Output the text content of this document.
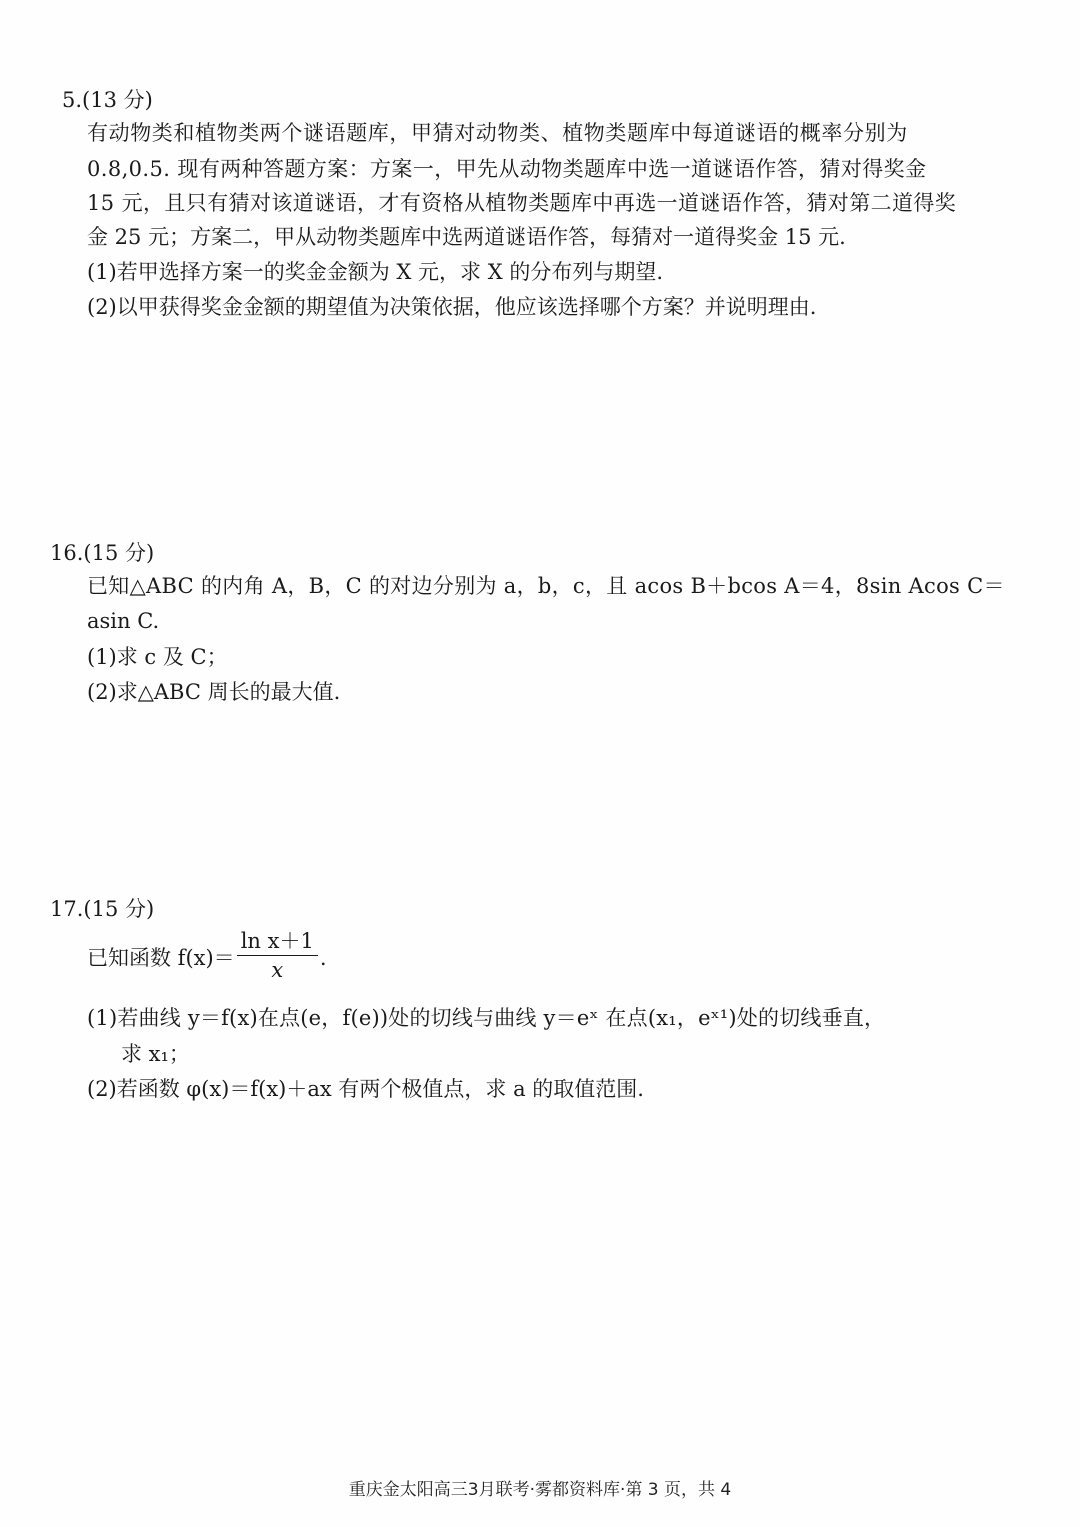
5.(13 分)
有动物类和植物类两个谜语题库，甲猜对动物类、植物类题库中每道谜语的概率分别为
0.8,0.5. 现有两种答题方案：方案一，甲先从动物类题库中选一道谜语作答，猜对得奖金
15 元，且只有猜对该道谜语，才有资格从植物类题库中再选一道谜语作答，猜对第二道得奖
金 25 元；方案二，甲从动物类题库中选两道谜语作答，每猜对一道得奖金 15 元.
(1)若甲选择方案一的奖金金额为 X 元，求 X 的分布列与期望.
(2)以甲获得奖金金额的期望值为决策依据，他应该选择哪个方案？并说明理由.
16.(15 分)
已知△ABC 的内角 A，B，C 的对边分别为 a，b，c，且 acos B＋bcos A＝4，8sin Acos C＝
asin C.
(1)求 c 及 C；
(2)求△ABC 周长的最大值.
17.(15 分)
已知函数 $f(x)= \frac{\text{ln x＋1}}{x}$ .
(1)若曲线 y＝f(x)在点(e，f(e))处的切线与曲线 y＝eˣ 在点(x₁，eˣ¹)处的切线垂直，
求 x₁；
(2)若函数 φ(x)＝f(x)＋ax 有两个极值点，求 a 的取值范围.
重庆金太阳高三3月联考·雾都资料库·第 3 页，共 4
